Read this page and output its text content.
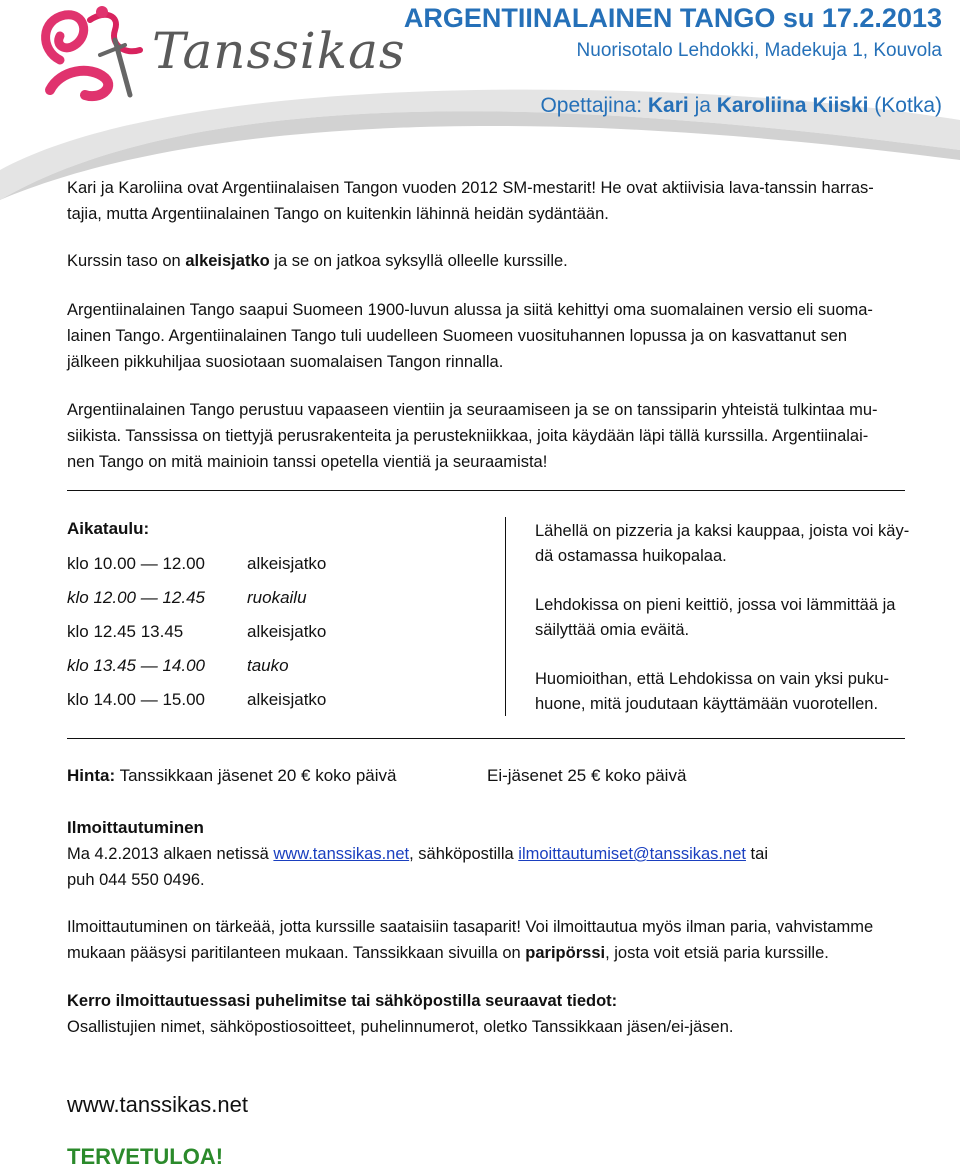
Tanssikas
ARGENTIINALAINEN TANGO su 17.2.2013
Nuorisotalo Lehdokki, Madekuja 1, Kouvola
Opettajina: Kari ja Karoliina Kiiski (Kotka)
Kari ja Karoliina ovat Argentiinalaisen Tangon vuoden 2012 SM-mestarit! He ovat aktiivisia lava-tanssin harras-
tajia, mutta Argentiinalainen Tango on kuitenkin lähinnä heidän sydäntään.
Kurssin taso on alkeisjatko ja se on jatkoa syksyllä olleelle kurssille.
Argentiinalainen Tango saapui Suomeen 1900-luvun alussa ja siitä kehittyi oma suomalainen versio eli suoma-
lainen Tango. Argentiinalainen Tango tuli uudelleen Suomeen vuosituhannen lopussa ja on kasvattanut sen
jälkeen pikkuhiljaa suosiotaan suomalaisen Tangon rinnalla.
Argentiinalainen Tango perustuu vapaaseen vientiin ja seuraamiseen ja se on tanssiparin yhteistä tulkintaa mu-
siikista. Tanssissa on tiettyjä perusrakenteita ja perustekniikkaa, joita käydään läpi tällä kurssilla. Argentiinalai-
nen Tango on mitä mainioin tanssi opetella vientiä ja seuraamista!
Aikataulu:
klo 10.00 — 12.00 alkeisjatko
klo 12.00 — 12.45 ruokailu
klo 12.45 13.45	alkeisjatko
klo 13.45 — 14.00 tauko
klo 14.00 — 15.00 alkeisjatko
Lähellä on pizzeria ja kaksi kauppaa, joista voi käy-
dä ostamassa huikopalaa.
Lehdokissa on pieni keittiö, jossa voi lämmittää ja
säilyttää omia eväitä.
Huomioithan, että Lehdokissa on vain yksi puku-
huone, mitä joudutaan käyttämään vuorotellen.
Hinta: Tanssikkaan jäsenet 20 € koko päivä	Ei-jäsenet 25 € koko päivä
Ilmoittautuminen
Ma 4.2.2013 alkaen netissä www.tanssikas.net, sähköpostilla ilmoittautumiset@tanssikas.net tai
puh 044 550 0496.
Ilmoittautuminen on tärkeää, jotta kurssille saataisiin tasaparit! Voi ilmoittautua myös ilman paria, vahvistamme
mukaan pääsysi paritilanteen mukaan. Tanssikkaan sivuilla on paripörssi, josta voit etsiä paria kurssille.
Kerro ilmoittautuessasi puhelimitse tai sähköpostilla seuraavat tiedot:
Osallistujien nimet, sähköpostiosoitteet, puhelinnumerot, oletko Tanssikkaan jäsen/ei-jäsen.
www.tanssikas.net
TERVETULOA!
